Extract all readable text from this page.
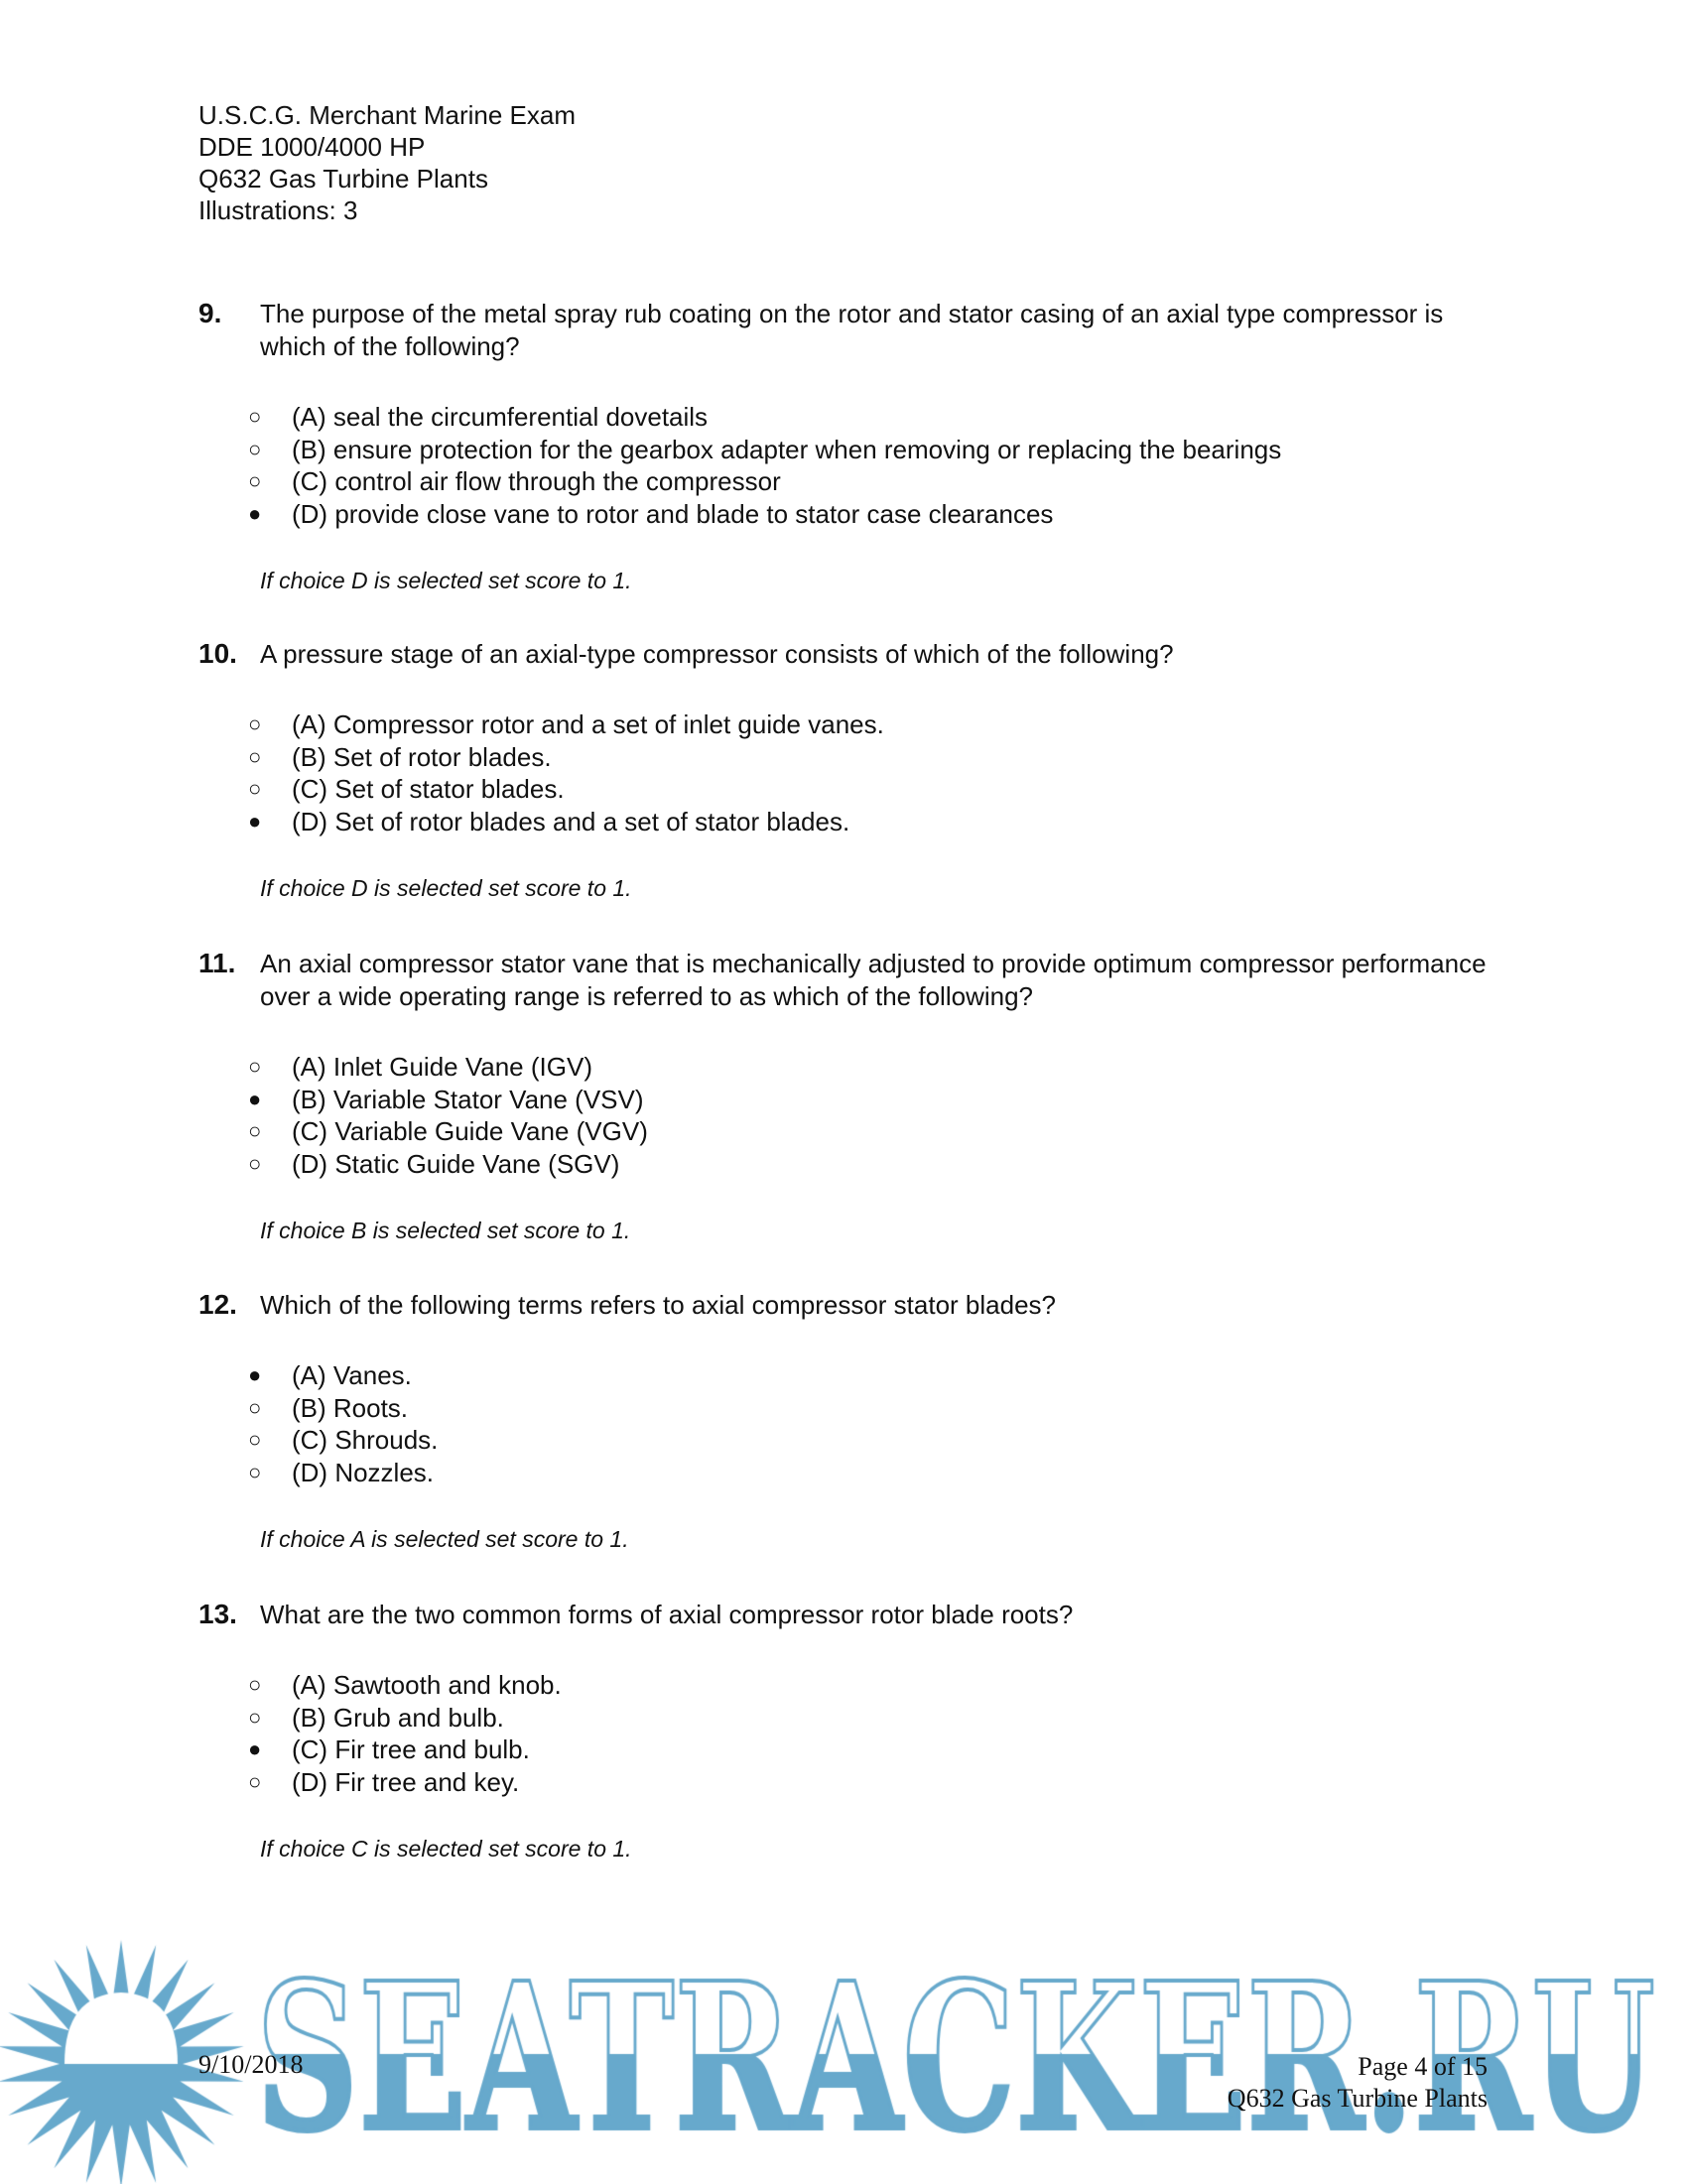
U.S.C.G. Merchant Marine Exam
DDE 1000/4000 HP
Q632 Gas Turbine Plants
Illustrations: 3
9. The purpose of the metal spray rub coating on the rotor and stator casing of an axial type compressor is which of the following?
○	(A) seal the circumferential dovetails
○	(B) ensure protection for the gearbox adapter when removing or replacing the bearings
○	(C) control air flow through the compressor
●	(D) provide close vane to rotor and blade to stator case clearances
If choice D is selected set score to 1.
10. A pressure stage of an axial-type compressor consists of which of the following?
○	(A) Compressor rotor and a set of inlet guide vanes.
○	(B) Set of rotor blades.
○	(C) Set of stator blades.
●	(D) Set of rotor blades and a set of stator blades.
If choice D is selected set score to 1.
11. An axial compressor stator vane that is mechanically adjusted to provide optimum compressor performance over a wide operating range is referred to as which of the following?
○	(A) Inlet Guide Vane (IGV)
●	(B) Variable Stator Vane (VSV)
○	(C) Variable Guide Vane (VGV)
○	(D) Static Guide Vane (SGV)
If choice B is selected set score to 1.
12. Which of the following terms refers to axial compressor stator blades?
●	(A) Vanes.
○	(B) Roots.
○	(C) Shrouds.
○	(D) Nozzles.
If choice A is selected set score to 1.
13. What are the two common forms of axial compressor rotor blade roots?
○	(A) Sawtooth and knob.
○	(B) Grub and bulb.
●	(C) Fir tree and bulb.
○	(D) Fir tree and key.
If choice C is selected set score to 1.
9/10/2018	Page 4 of 15
Q632 Gas Turbine Plants
